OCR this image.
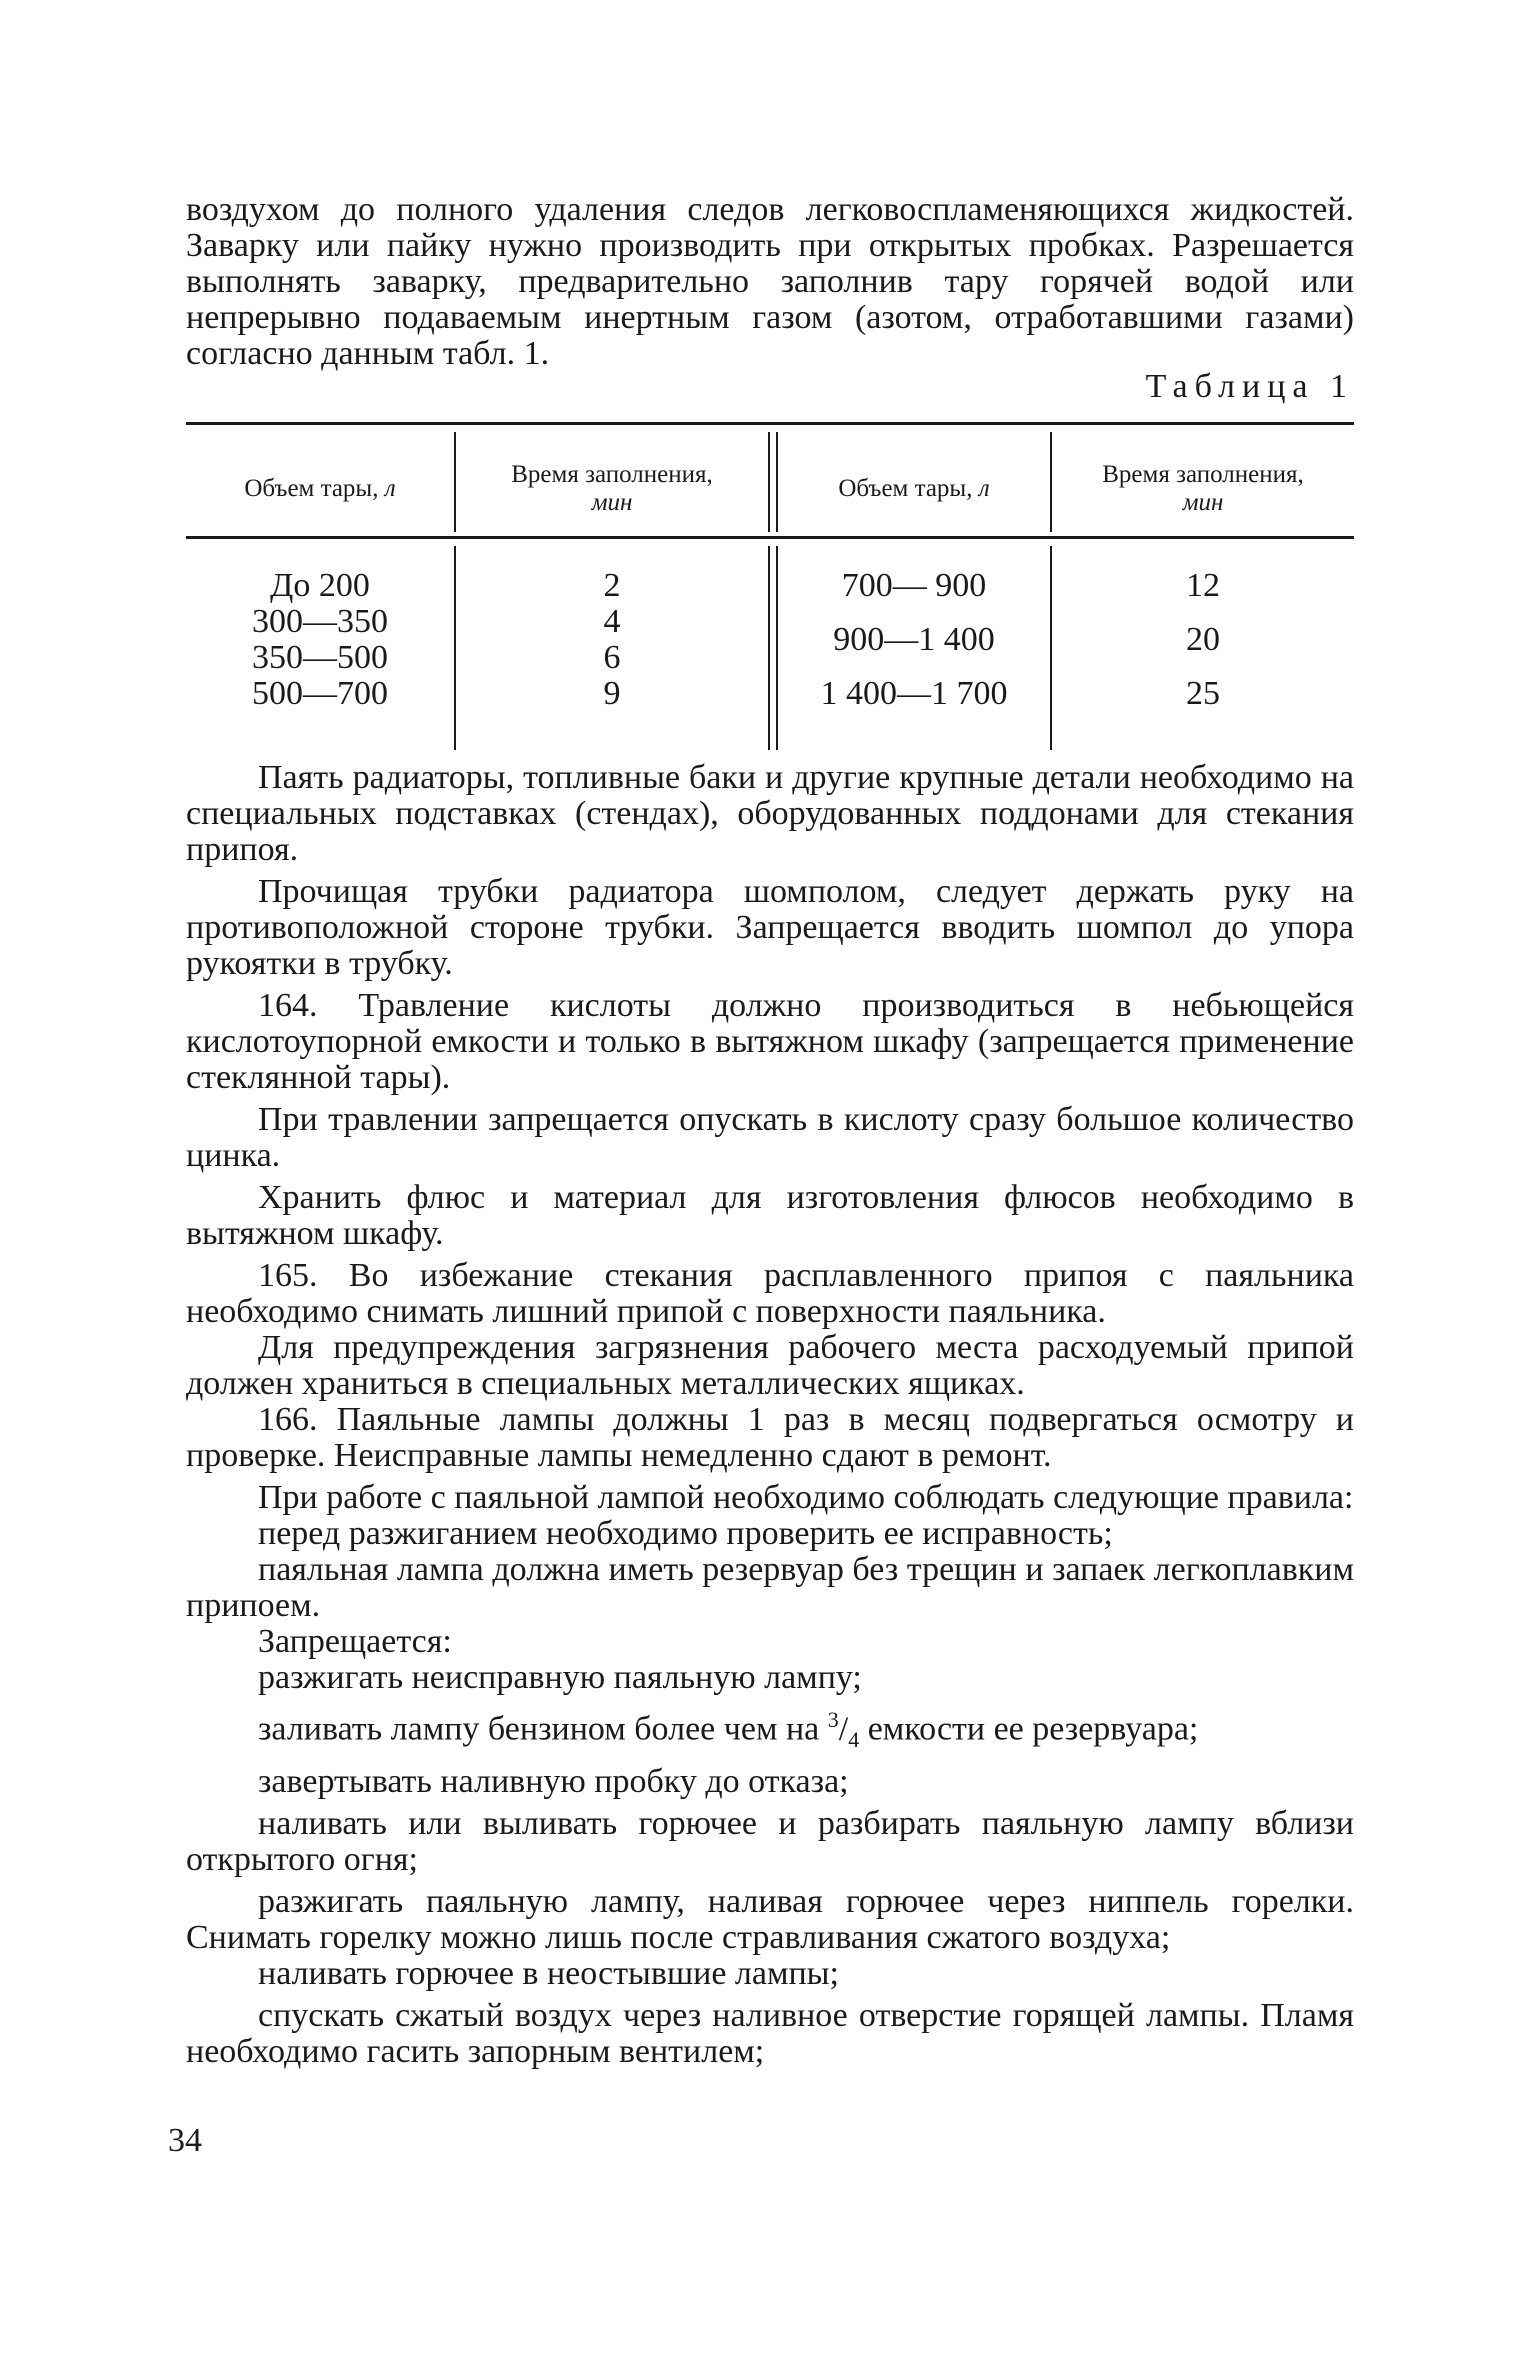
воздухом до полного удаления следов легковоспламеняющихся жидкостей. Заварку или пайку нужно производить при открытых пробках. Разрешается выполнять заварку, предварительно заполнив тару горячей водой или непрерывно подаваемым инертным газом (азотом, отработавшими газами) согласно данным табл. 1.

Таблица 1
Объем тары, л
Время заполнения,
мин
Объем тары, л
Время заполнения,
мин
До 200
300—350
350—500
500—700
2
4
6
9
700— 900
900—1 400
1 400—1 700
12
20
25

Паять радиаторы, топливные баки и другие крупные детали необходимо на специальных подставках (стендах), оборудованных поддонами для стекания припоя.

Прочищая трубки радиатора шомполом, следует держать руку на противоположной стороне трубки. Запрещается вводить шомпол до упора рукоятки в трубку.

164. Травление кислоты должно производиться в небьющейся кислотоупорной емкости и только в вытяжном шкафу (запрещается применение стеклянной тары).

При травлении запрещается опускать в кислоту сразу большое количество цинка.

Хранить флюс и материал для изготовления флюсов необходимо в вытяжном шкафу.

165. Во избежание стекания расплавленного припоя с паяльника необходимо снимать лишний припой с поверхности паяльника.

Для предупреждения загрязнения рабочего места расходуемый припой должен храниться в специальных металлических ящиках.

166. Паяльные лампы должны 1 раз в месяц подвергаться осмотру и проверке. Неисправные лампы немедленно сдают в ремонт.

При работе с паяльной лампой необходимо соблюдать следующие правила:

перед разжиганием необходимо проверить ее исправность;

паяльная лампа должна иметь резервуар без трещин и запаек легкоплавким припоем.

Запрещается:

разжигать неисправную паяльную лампу;

заливать лампу бензином более чем на $^3/_4$ емкости ее резервуара;

завертывать наливную пробку до отказа;

наливать или выливать горючее и разбирать паяльную лампу вблизи открытого огня;

разжигать паяльную лампу, наливая горючее через ниппель горелки. Снимать горелку можно лишь после стравливания сжатого воздуха;

наливать горючее в неостывшие лампы;

спускать сжатый воздух через наливное отверстие горящей лампы. Пламя необходимо гасить запорным вентилем;

34
